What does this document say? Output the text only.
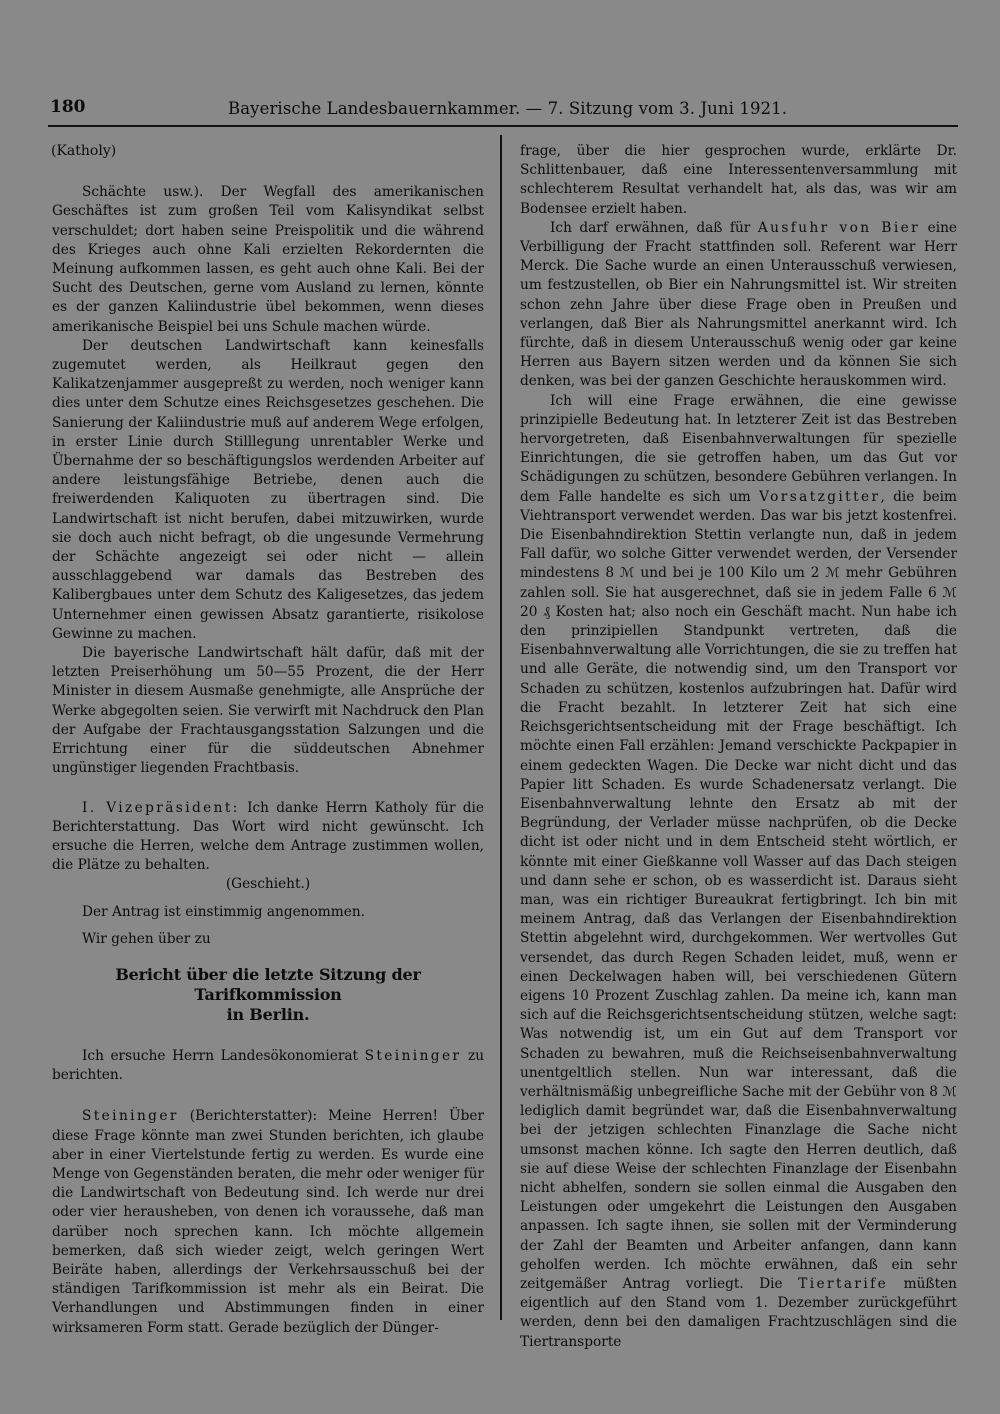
180	Bayerische Landesbauernkammer. — 7. Sitzung vom 3. Juni 1921.

(Katholy)

Schächte usw.). Der Wegfall des amerikanischen Geschäftes ist zum großen Teil vom Kalisyndikat selbst verschuldet; dort haben seine Preispolitik und die während des Krieges auch ohne Kali erzielten Rekordernten die Meinung aufkommen lassen, es geht auch ohne Kali. Bei der Sucht des Deutschen, gerne vom Ausland zu lernen, könnte es der ganzen Kaliindustrie übel bekommen, wenn dieses amerikanische Beispiel bei uns Schule machen würde.

Der deutschen Landwirtschaft kann keinesfalls zugemutet werden, als Heilkraut gegen den Kalikatzenjammer ausgepreßt zu werden, noch weniger kann dies unter dem Schutze eines Reichsgesetzes geschehen. Die Sanierung der Kaliindustrie muß auf anderem Wege erfolgen, in erster Linie durch Stilllegung unrentabler Werke und Übernahme der so beschäftigungslos werdenden Arbeiter auf andere leistungsfähige Betriebe, denen auch die freiwerdenden Kaliquoten zu übertragen sind. Die Landwirtschaft ist nicht berufen, dabei mitzuwirken, wurde sie doch auch nicht befragt, ob die ungesunde Vermehrung der Schächte angezeigt sei oder nicht — allein ausschlaggebend war damals das Bestreben des Kalibergbaues unter dem Schutz des Kaligesetzes, das jedem Unternehmer einen gewissen Absatz garantierte, risikolose Gewinne zu machen.

Die bayerische Landwirtschaft hält dafür, daß mit der letzten Preiserhöhung um 50—55 Prozent, die der Herr Minister in diesem Ausmaße genehmigte, alle Ansprüche der Werke abgegolten seien. Sie verwirft mit Nachdruck den Plan der Aufgabe der Frachtausgangsstation Salzungen und die Errichtung einer für die süddeutschen Abnehmer ungünstiger liegenden Frachtbasis.

I. Vizepräsident: Ich danke Herrn Katholy für die Berichterstattung. Das Wort wird nicht gewünscht. Ich ersuche die Herren, welche dem Antrage zustimmen wollen, die Plätze zu behalten.

(Geschieht.)

Der Antrag ist einstimmig angenommen.

Wir gehen über zu

Bericht über die letzte Sitzung der Tarifkommission
in Berlin.

Ich ersuche Herrn Landesökonomierat Steininger zu berichten.

Steininger (Berichterstatter): Meine Herren! Über diese Frage könnte man zwei Stunden berichten, ich glaube aber in einer Viertelstunde fertig zu werden. Es wurde eine Menge von Gegenständen beraten, die mehr oder weniger für die Landwirtschaft von Bedeutung sind. Ich werde nur drei oder vier herausheben, von denen ich voraussehe, daß man darüber noch sprechen kann. Ich möchte allgemein bemerken, daß sich wieder zeigt, welch geringen Wert Beiräte haben, allerdings der Verkehrsausschuß bei der ständigen Tarifkommission ist mehr als ein Beirat. Die Verhandlungen und Abstimmungen finden in einer wirksameren Form statt. Gerade bezüglich der Dünger-

frage, über die hier gesprochen wurde, erklärte Dr. Schlittenbauer, daß eine Interessentenversammlung mit schlechterem Resultat verhandelt hat, als das, was wir am Bodensee erzielt haben.

Ich darf erwähnen, daß für Ausfuhr von Bier eine Verbilligung der Fracht stattfinden soll. Referent war Herr Merck. Die Sache wurde an einen Unterausschuß verwiesen, um festzustellen, ob Bier ein Nahrungsmittel ist. Wir streiten schon zehn Jahre über diese Frage oben in Preußen und verlangen, daß Bier als Nahrungsmittel anerkannt wird. Ich fürchte, daß in diesem Unterausschuß wenig oder gar keine Herren aus Bayern sitzen werden und da können Sie sich denken, was bei der ganzen Geschichte herauskommen wird.

Ich will eine Frage erwähnen, die eine gewisse prinzipielle Bedeutung hat. In letzterer Zeit ist das Bestreben hervorgetreten, daß Eisenbahnverwaltungen für spezielle Einrichtungen, die sie getroffen haben, um das Gut vor Schädigungen zu schützen, besondere Gebühren verlangen. In dem Falle handelte es sich um Vorsatzgitter, die beim Viehtransport verwendet werden. Das war bis jetzt kostenfrei. Die Eisenbahndirektion Stettin verlangte nun, daß in jedem Fall dafür, wo solche Gitter verwendet werden, der Versender mindestens 8 ℳ und bei je 100 Kilo um 2 ℳ mehr Gebühren zahlen soll. Sie hat ausgerechnet, daß sie in jedem Falle 6 ℳ 20 ₰ Kosten hat; also noch ein Geschäft macht. Nun habe ich den prinzipiellen Standpunkt vertreten, daß die Eisenbahnverwaltung alle Vorrichtungen, die sie zu treffen hat und alle Geräte, die notwendig sind, um den Transport vor Schaden zu schützen, kostenlos aufzubringen hat. Dafür wird die Fracht bezahlt. In letzterer Zeit hat sich eine Reichsgerichtsentscheidung mit der Frage beschäftigt. Ich möchte einen Fall erzählen: Jemand verschickte Packpapier in einem gedeckten Wagen. Die Decke war nicht dicht und das Papier litt Schaden. Es wurde Schadenersatz verlangt. Die Eisenbahnverwaltung lehnte den Ersatz ab mit der Begründung, der Verlader müsse nachprüfen, ob die Decke dicht ist oder nicht und in dem Entscheid steht wörtlich, er könnte mit einer Gießkanne voll Wasser auf das Dach steigen und dann sehe er schon, ob es wasserdicht ist. Daraus sieht man, was ein richtiger Bureaukrat fertigbringt. Ich bin mit meinem Antrag, daß das Verlangen der Eisenbahndirektion Stettin abgelehnt wird, durchgekommen. Wer wertvolles Gut versendet, das durch Regen Schaden leidet, muß, wenn er einen Deckelwagen haben will, bei verschiedenen Gütern eigens 10 Prozent Zuschlag zahlen. Da meine ich, kann man sich auf die Reichsgerichtsentscheidung stützen, welche sagt: Was notwendig ist, um ein Gut auf dem Transport vor Schaden zu bewahren, muß die Reichseisenbahnverwaltung unentgeltlich stellen. Nun war interessant, daß die verhältnismäßig unbegreifliche Sache mit der Gebühr von 8 ℳ lediglich damit begründet war, daß die Eisenbahnverwaltung bei der jetzigen schlechten Finanzlage die Sache nicht umsonst machen könne. Ich sagte den Herren deutlich, daß sie auf diese Weise der schlechten Finanzlage der Eisenbahn nicht abhelfen, sondern sie sollen einmal die Ausgaben den Leistungen oder umgekehrt die Leistungen den Ausgaben anpassen. Ich sagte ihnen, sie sollen mit der Verminderung der Zahl der Beamten und Arbeiter anfangen, dann kann geholfen werden. Ich möchte erwähnen, daß ein sehr zeitgemäßer Antrag vorliegt. Die Tiertarife müßten eigentlich auf den Stand vom 1. Dezember zurückgeführt werden, denn bei den damaligen Frachtzuschlägen sind die Tiertransporte
